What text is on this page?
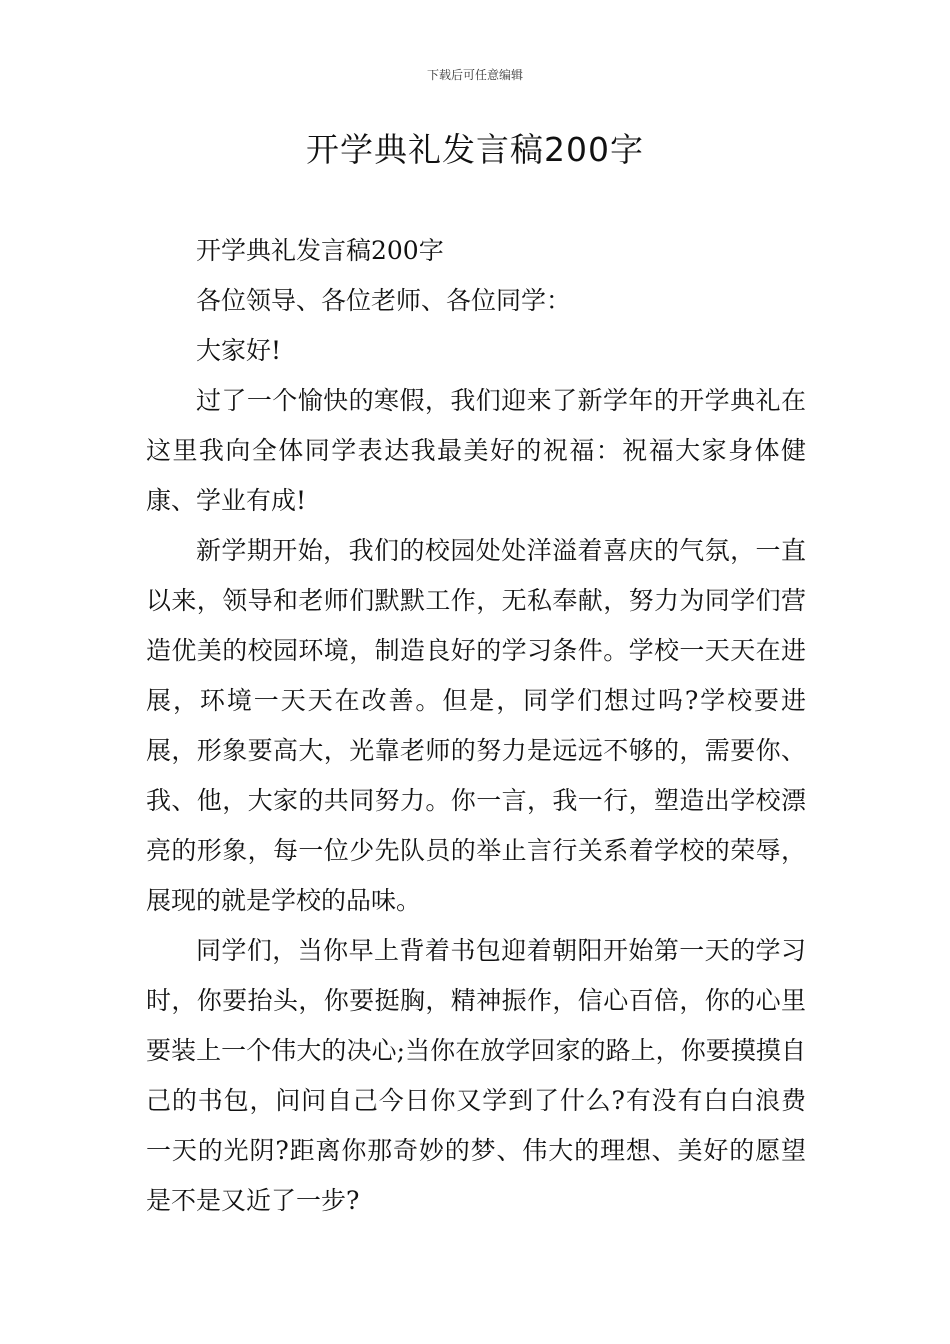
下载后可任意编辑
开学典礼发言稿200字

开学典礼发言稿200字

各位领导、各位老师、各位同学：

大家好!

过了一个愉快的寒假，我们迎来了新学年的开学典礼在这里我向全体同学表达我最美好的祝福：祝福大家身体健康、学业有成!

新学期开始，我们的校园处处洋溢着喜庆的气氛，一直以来，领导和老师们默默工作，无私奉献，努力为同学们营造优美的校园环境，制造良好的学习条件。学校一天天在进展，环境一天天在改善。但是，同学们想过吗?学校要进展，形象要高大，光靠老师的努力是远远不够的，需要你、我、他，大家的共同努力。你一言，我一行，塑造出学校漂亮的形象，每一位少先队员的举止言行关系着学校的荣辱，展现的就是学校的品味。

同学们，当你早上背着书包迎着朝阳开始第一天的学习时，你要抬头，你要挺胸，精神振作，信心百倍，你的心里要装上一个伟大的决心;当你在放学回家的路上，你要摸摸自己的书包，问问自己今日你又学到了什么?有没有白白浪费一天的光阴?距离你那奇妙的梦、伟大的理想、美好的愿望是不是又近了一步?
